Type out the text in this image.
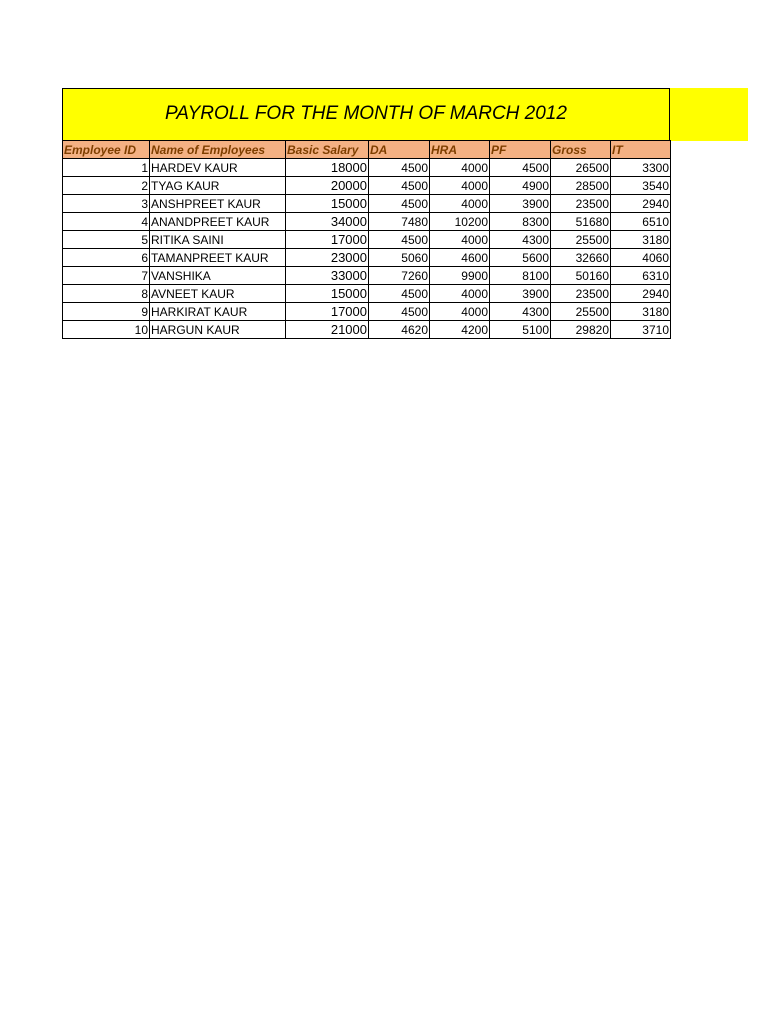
PAYROLL FOR THE MONTH OF MARCH 2012
Employee ID	Name of Employees	Basic Salary	DA	HRA	PF	Gross	IT
1	HARDEV KAUR	18000	4500	4000	4500	26500	3300
2	TYAG KAUR	20000	4500	4000	4900	28500	3540
3	ANSHPREET KAUR	15000	4500	4000	3900	23500	2940
4	ANANDPREET KAUR	34000	7480	10200	8300	51680	6510
5	RITIKA SAINI	17000	4500	4000	4300	25500	3180
6	TAMANPREET KAUR	23000	5060	4600	5600	32660	4060
7	VANSHIKA	33000	7260	9900	8100	50160	6310
8	AVNEET KAUR	15000	4500	4000	3900	23500	2940
9	HARKIRAT KAUR	17000	4500	4000	4300	25500	3180
10	HARGUN KAUR	21000	4620	4200	5100	29820	3710
